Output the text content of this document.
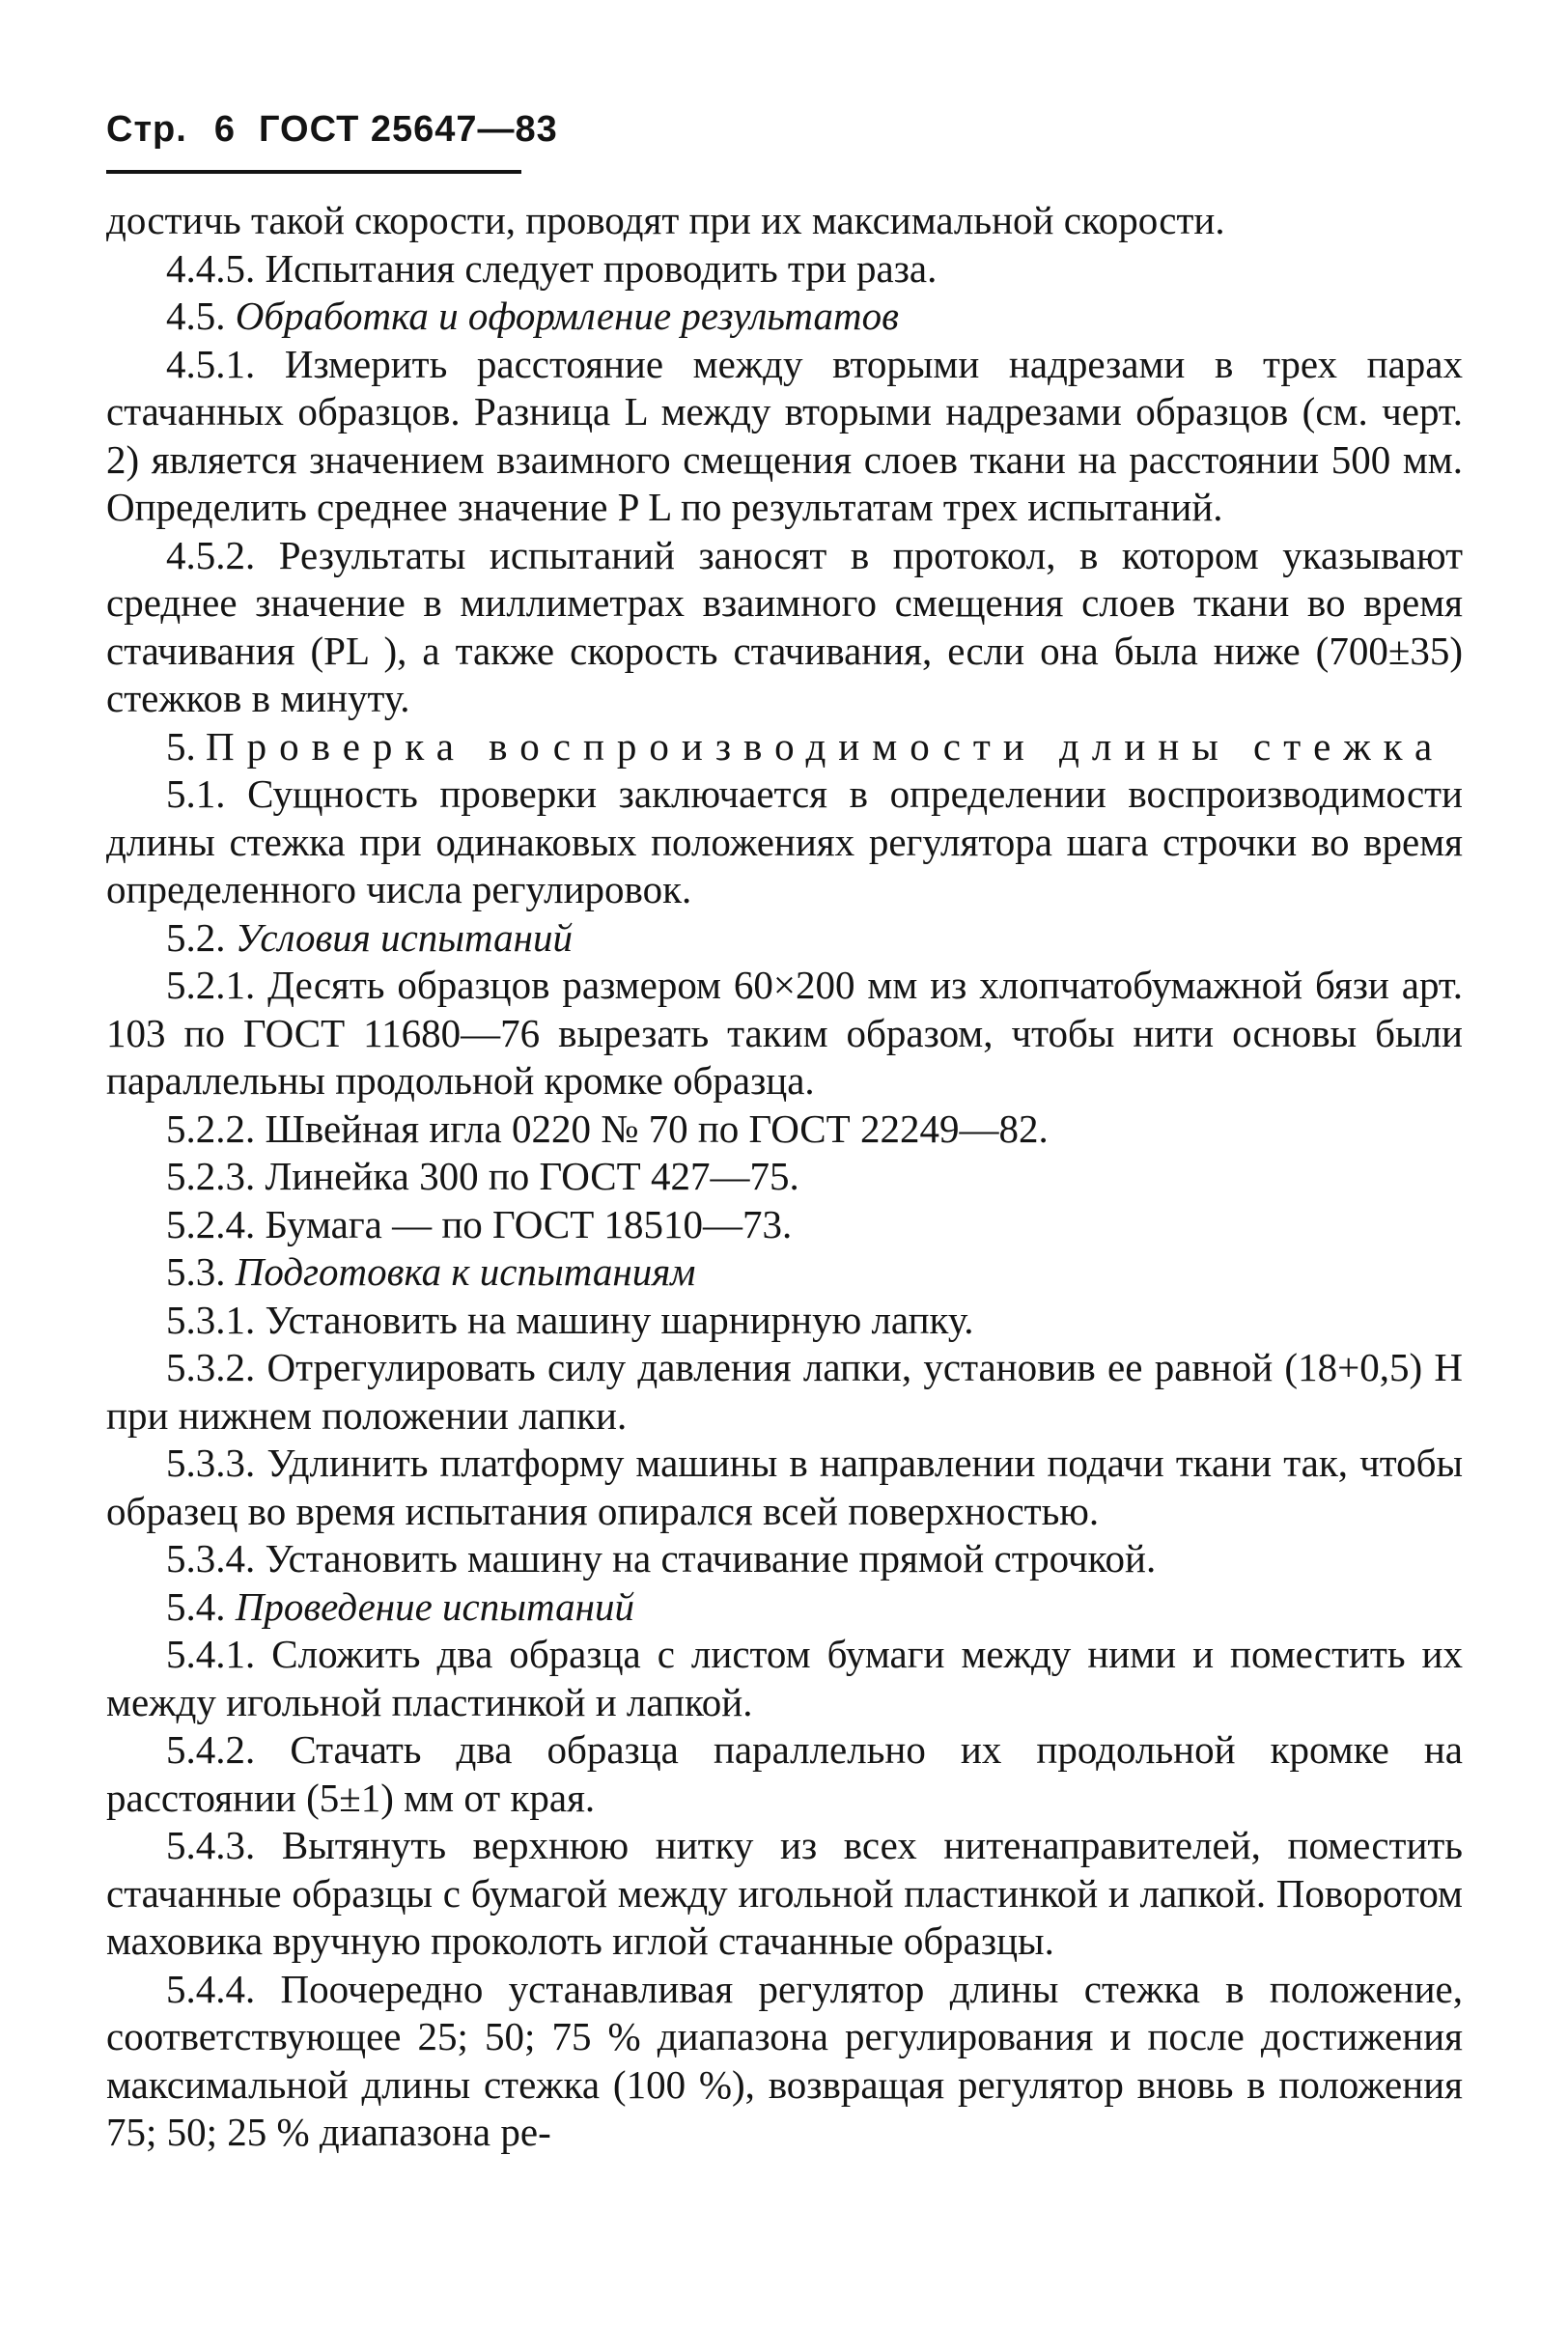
Стр. 6 ГОСТ 25647—83

достичь такой скорости, проводят при их максимальной скорости.

4.4.5. Испытания следует проводить три раза.

4.5. Обработка и оформление результатов

4.5.1. Измерить расстояние между вторыми надрезами в трех парах стачанных образцов. Разница L между вторыми надрезами образцов (см. черт. 2) является значением взаимного смещения слоев ткани на расстоянии 500 мм. Определить среднее значение P L по результатам трех испытаний.

4.5.2. Результаты испытаний заносят в протокол, в котором указывают среднее значение в миллиметрах взаимного смещения слоев ткани во время стачивания (PL ), а также скорость стачивания, если она была ниже (700±35) стежков в минуту.

5. Проверка воспроизводимости длины стежка

5.1. Сущность проверки заключается в определении воспроизводимости длины стежка при одинаковых положениях регулятора шага строчки во время определенного числа регулировок.

5.2. Условия испытаний

5.2.1. Десять образцов размером 60×200 мм из хлопчатобумажной бязи арт. 103 по ГОСТ 11680—76 вырезать таким образом, чтобы нити основы были параллельны продольной кромке образца.

5.2.2. Швейная игла 0220 № 70 по ГОСТ 22249—82.

5.2.3. Линейка 300 по ГОСТ 427—75.

5.2.4. Бумага — по ГОСТ 18510—73.

5.3. Подготовка к испытаниям

5.3.1. Установить на машину шарнирную лапку.

5.3.2. Отрегулировать силу давления лапки, установив ее равной (18+0,5) Н при нижнем положении лапки.

5.3.3. Удлинить платформу машины в направлении подачи ткани так, чтобы образец во время испытания опирался всей поверхностью.

5.3.4. Установить машину на стачивание прямой строчкой.

5.4. Проведение испытаний

5.4.1. Сложить два образца с листом бумаги между ними и поместить их между игольной пластинкой и лапкой.

5.4.2. Стачать два образца параллельно их продольной кромке на расстоянии (5±1) мм от края.

5.4.3. Вытянуть верхнюю нитку из всех нитенаправителей, поместить стачанные образцы с бумагой между игольной пластинкой и лапкой. Поворотом маховика вручную проколоть иглой стачанные образцы.

5.4.4. Поочередно устанавливая регулятор длины стежка в положение, соответствующее 25; 50; 75 % диапазона регулирования и после достижения максимальной длины стежка (100 %), возвращая регулятор вновь в положения 75; 50; 25 % диапазона ре-
